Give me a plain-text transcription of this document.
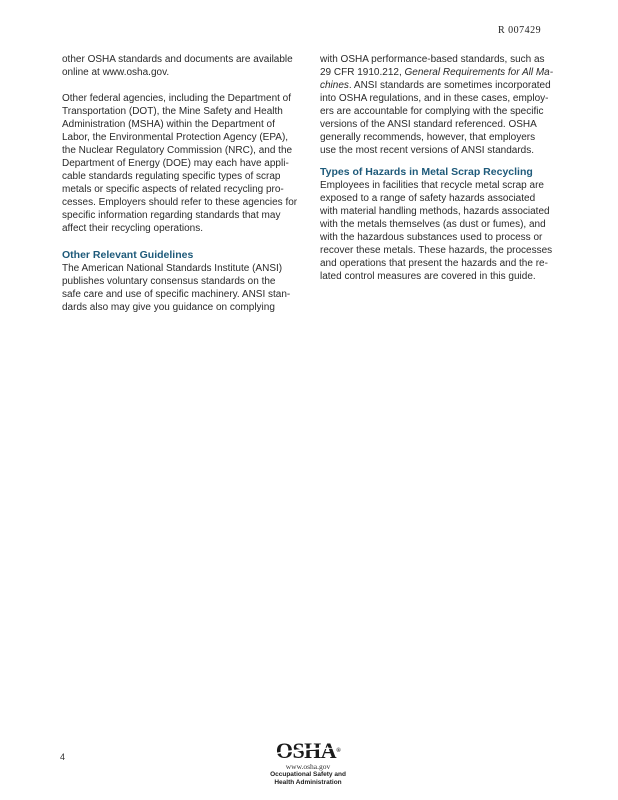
R 007429
other OSHA standards and documents are available
online at www.osha.gov.
Other federal agencies, including the Department of
Transportation (DOT), the Mine Safety and Health
Administration (MSHA) within the Department of
Labor, the Environmental Protection Agency (EPA),
the Nuclear Regulatory Commission (NRC), and the
Department of Energy (DOE) may each have appli-
cable standards regulating specific types of scrap
metals or specific aspects of related recycling pro-
cesses. Employers should refer to these agencies for
specific information regarding standards that may
affect their recycling operations.
Other Relevant Guidelines
The American National Standards Institute (ANSI)
publishes voluntary consensus standards on the
safe care and use of specific machinery. ANSI stan-
dards also may give you guidance on complying
with OSHA performance-based standards, such as
29 CFR 1910.212, General Requirements for All Ma-
chines. ANSI standards are sometimes incorporated
into OSHA regulations, and in these cases, employ-
ers are accountable for complying with the specific
versions of the ANSI standard referenced. OSHA
generally recommends, however, that employers
use the most recent versions of ANSI standards.
Types of Hazards in Metal Scrap Recycling
Employees in facilities that recycle metal scrap are
exposed to a range of safety hazards associated
with material handling methods, hazards associated
with the metals themselves (as dust or fumes), and
with the hazardous substances used to process or
recover these metals. These hazards, the processes
and operations that present the hazards and the re-
lated control measures are covered in this guide.
4	OSHA®
www.osha.gov
Occupational Safety and
Health Administration
